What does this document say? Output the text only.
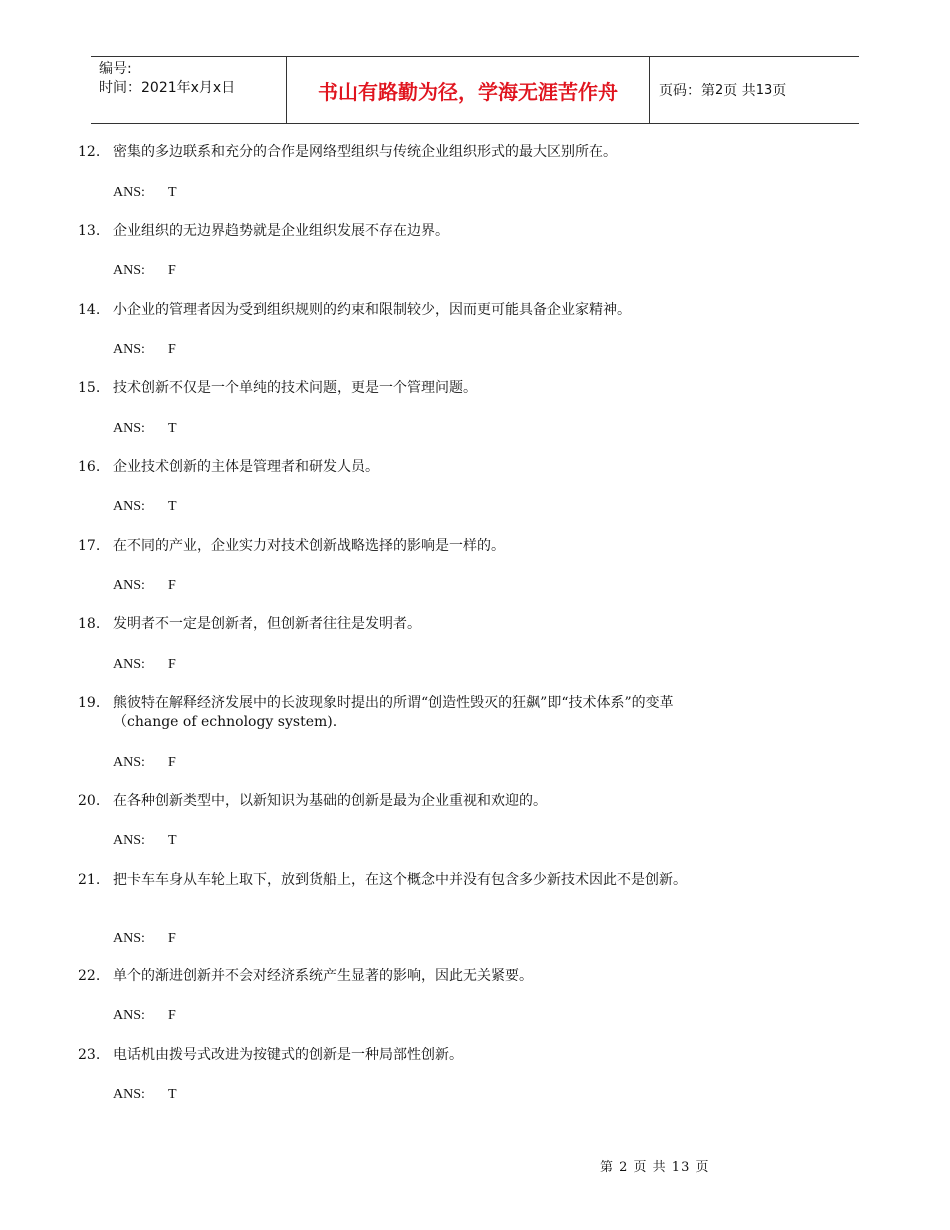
编号:
时间：2021年x月x日	书山有路勤为径，学海无涯苦作舟	页码：第 2 页 共 13 页
12. 密集的多边联系和充分的合作是网络型组织与传统企业组织形式的最大区别所在。
ANS: T
13. 企业组织的无边界趋势就是企业组织发展不存在边界。
ANS: F
14. 小企业的管理者因为受到组织规则的约束和限制较少，因而更可能具备企业家精神。
ANS: F
15. 技术创新不仅是一个单纯的技术问题，更是一个管理问题。
ANS: T
16. 企业技术创新的主体是管理者和研发人员。
ANS: T
17. 在不同的产业，企业实力对技术创新战略选择的影响是一样的。
ANS: F
18. 发明者不一定是创新者，但创新者往往是发明者。
ANS: F
19. 熊彼特在解释经济发展中的长波现象时提出的所谓“创造性毁灭的狂飙”即“技术体系”的变革（change of echnology system).
ANS: F
20. 在各种创新类型中，以新知识为基础的创新是最为企业重视和欢迎的。
ANS: T
21. 把卡车车身从车轮上取下，放到货船上，在这个概念中并没有包含多少新技术因此不是创新。
ANS: F
22. 单个的渐进创新并不会对经济系统产生显著的影响，因此无关紧要。
ANS: F
23. 电话机由拨号式改进为按键式的创新是一种局部性创新。
ANS: T
第 2 页 共 13 页
